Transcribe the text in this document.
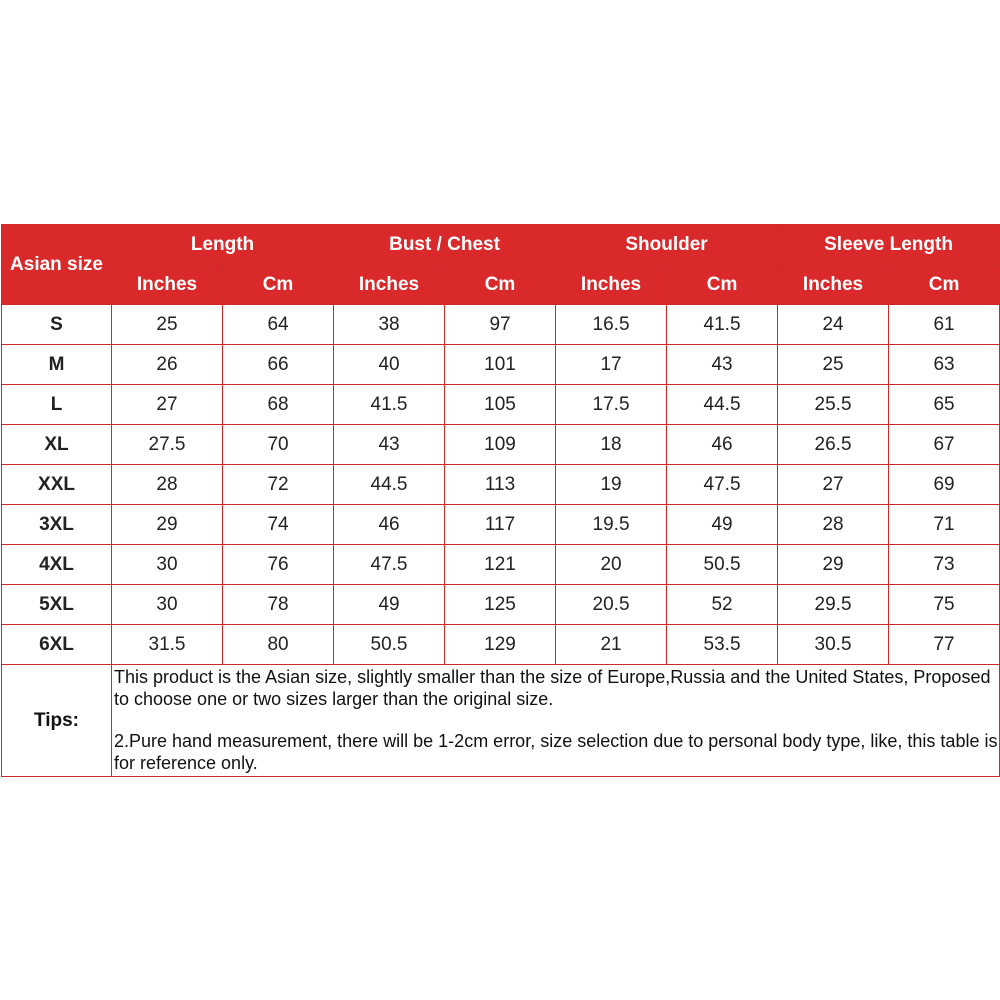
Asian size	Length		Bust / Chest		Shoulder		Sleeve Length	
	Inches	Cm	Inches	Cm	Inches	Cm	Inches	Cm
S	25	64	38	97	16.5	41.5	24	61
M	26	66	40	101	17	43	25	63
L	27	68	41.5	105	17.5	44.5	25.5	65
XL	27.5	70	43	109	18	46	26.5	67
XXL	28	72	44.5	113	19	47.5	27	69
3XL	29	74	46	117	19.5	49	28	71
4XL	30	76	47.5	121	20	50.5	29	73
5XL	30	78	49	125	20.5	52	29.5	75
6XL	31.5	80	50.5	129	21	53.5	30.5	77
Tips:	This product is the Asian size, slightly smaller than the size of Europe,Russia and the United States, Proposed to choose one or two sizes larger than the original size.

2.Pure hand measurement, there will be 1-2cm error, size selection due to personal body type, like, this table is for reference only.							
